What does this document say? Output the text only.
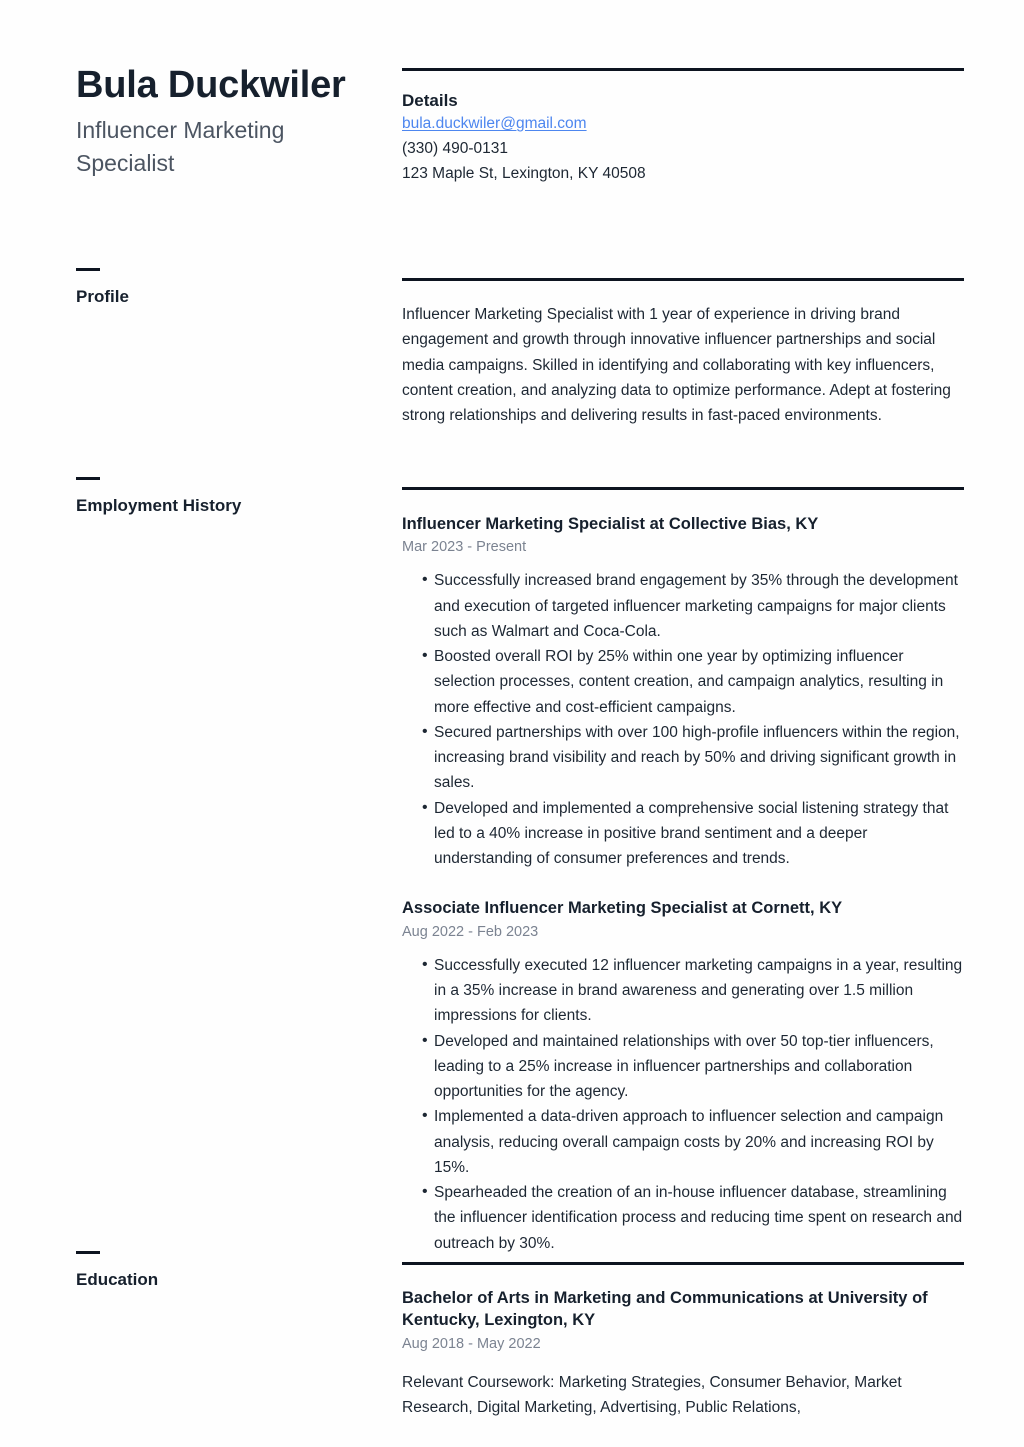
Bula Duckwiler
Influencer Marketing Specialist
Profile
Employment History
Education
Details
bula.duckwiler@gmail.com
(330) 490-0131
123 Maple St, Lexington, KY 40508
Influencer Marketing Specialist with 1 year of experience in driving brand engagement and growth through innovative influencer partnerships and social media campaigns. Skilled in identifying and collaborating with key influencers, content creation, and analyzing data to optimize performance. Adept at fostering strong relationships and delivering results in fast-paced environments.
Influencer Marketing Specialist at Collective Bias, KY
Mar 2023 - Present
• Successfully increased brand engagement by 35% through the development and execution of targeted influencer marketing campaigns for major clients such as Walmart and Coca-Cola.
• Boosted overall ROI by 25% within one year by optimizing influencer selection processes, content creation, and campaign analytics, resulting in more effective and cost-efficient campaigns.
• Secured partnerships with over 100 high-profile influencers within the region, increasing brand visibility and reach by 50% and driving significant growth in sales.
• Developed and implemented a comprehensive social listening strategy that led to a 40% increase in positive brand sentiment and a deeper understanding of consumer preferences and trends.
Associate Influencer Marketing Specialist at Cornett, KY
Aug 2022 - Feb 2023
• Successfully executed 12 influencer marketing campaigns in a year, resulting in a 35% increase in brand awareness and generating over 1.5 million impressions for clients.
• Developed and maintained relationships with over 50 top-tier influencers, leading to a 25% increase in influencer partnerships and collaboration opportunities for the agency.
• Implemented a data-driven approach to influencer selection and campaign analysis, reducing overall campaign costs by 20% and increasing ROI by 15%.
• Spearheaded the creation of an in-house influencer database, streamlining the influencer identification process and reducing time spent on research and outreach by 30%.
Bachelor of Arts in Marketing and Communications at University of Kentucky, Lexington, KY
Aug 2018 - May 2022
Relevant Coursework: Marketing Strategies, Consumer Behavior, Market Research, Digital Marketing, Advertising, Public Relations,
